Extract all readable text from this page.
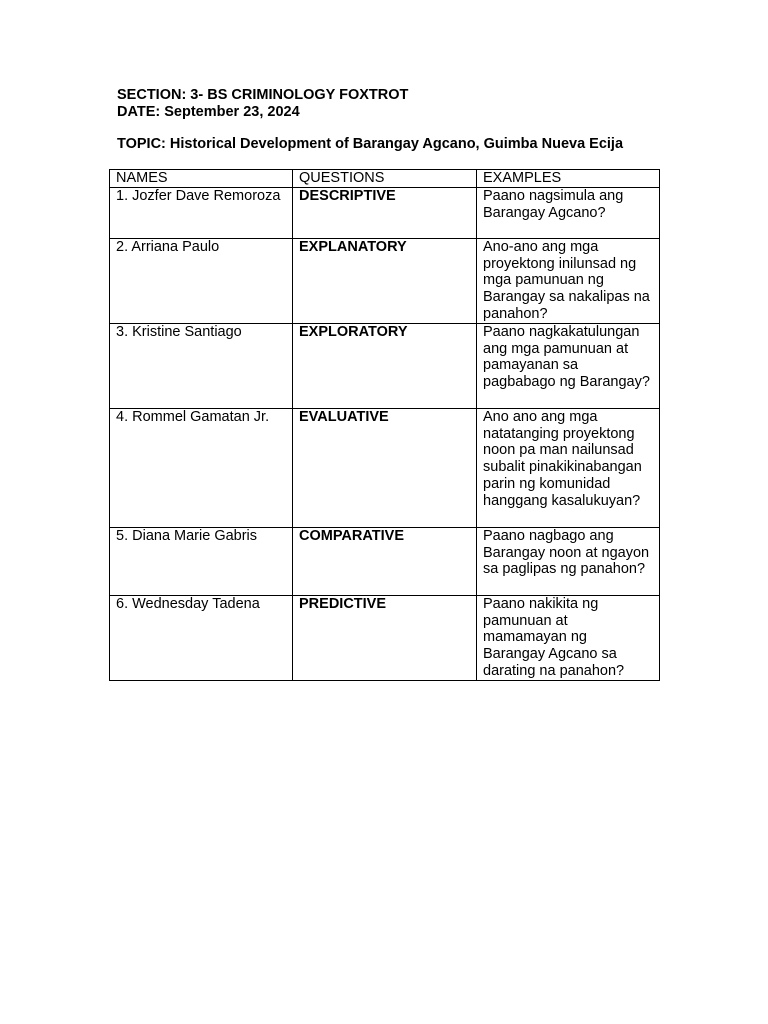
SECTION: 3- BS CRIMINOLOGY FOXTROT
DATE: September 23, 2024
TOPIC: Historical Development of Barangay Agcano, Guimba Nueva Ecija
NAMES	QUESTIONS	EXAMPLES
1. Jozfer Dave Remoroza	DESCRIPTIVE	Paano nagsimula ang Barangay Agcano?
2. Arriana Paulo	EXPLANATORY	Ano-ano ang mga proyektong inilunsad ng mga pamunuan ng Barangay sa nakalipas na panahon?
3. Kristine Santiago	EXPLORATORY	Paano nagkakatulungan ang mga pamunuan at pamayanan sa pagbabago ng Barangay?
4. Rommel Gamatan Jr.	EVALUATIVE	Ano ano ang mga natatanging proyektong noon pa man nailunsad subalit pinakikinabangan parin ng komunidad hanggang kasalukuyan?
5. Diana Marie Gabris	COMPARATIVE	Paano nagbago ang Barangay noon at ngayon sa paglipas ng panahon?
6. Wednesday Tadena	PREDICTIVE	Paano nakikita ng pamunuan at mamamayan ng Barangay Agcano sa darating na panahon?
